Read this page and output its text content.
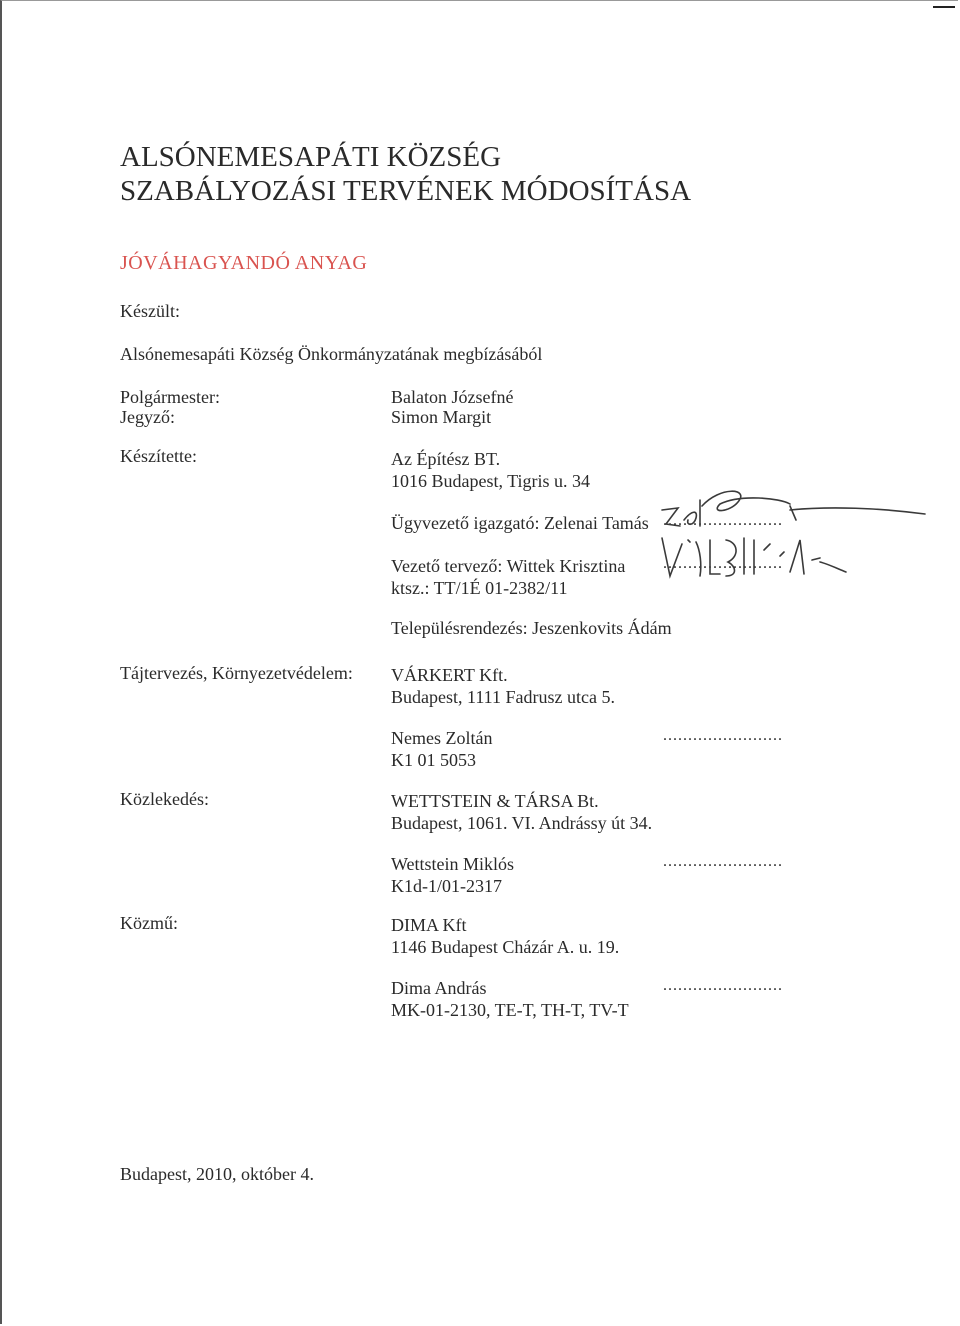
ALSÓNEMESAPÁTI KÖZSÉG
SZABÁLYOZÁSI TERVÉNEK MÓDOSÍTÁSA
JÓVÁHAGYANDÓ ANYAG
Készült:
Alsónemesapáti Község Önkormányzatának megbízásából
Polgármester:	Balaton Józsefné
Jegyző:	Simon Margit
Készítette:	Az Építész BT.
1016 Budapest, Tigris u. 34
Ügyvezető igazgató: Zelenai Tamás ........................
Vezető tervező: Wittek Krisztina ........................
ktsz.: TT/1É 01-2382/11
Településrendezés: Jeszenkovits Ádám
Tájtervezés, Környezetvédelem: VÁRKERT Kft.
Budapest, 1111 Fadrusz utca 5.
Nemes Zoltán	........................
K1 01 5053
Közlekedés:	WETTSTEIN & TÁRSA Bt.
Budapest, 1061. VI. Andrássy út 34.
Wettstein Miklós	........................
K1d-1/01-2317
Közmű:	DIMA Kft
1146 Budapest Cházár A. u. 19.
Dima András	........................
MK-01-2130, TE-T, TH-T, TV-T
Budapest, 2010, október 4.
